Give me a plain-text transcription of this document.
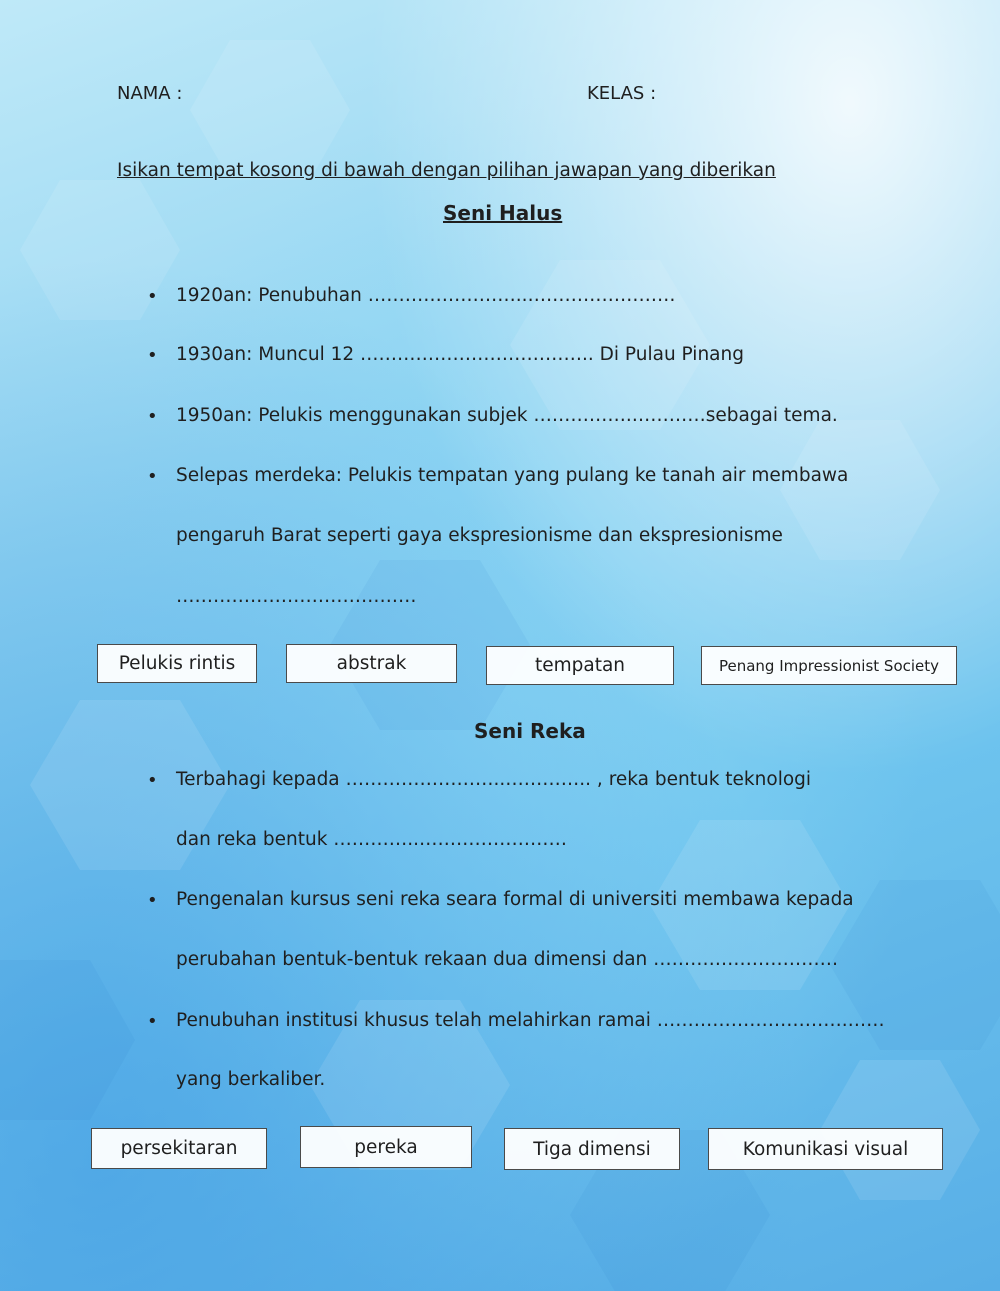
NAMA :	KELAS :
Isikan tempat kosong di bawah dengan pilihan jawapan yang diberikan
Seni Halus
• 1920an: Penubuhan ……………………..……………………
• 1930an: Muncul 12 ……………………………….. Di Pulau Pinang
• 1950an: Pelukis menggunakan subjek …………….…………sebagai tema.
• Selepas merdeka: Pelukis tempatan yang pulang ke tanah air membawa
pengaruh Barat seperti gaya ekspresionisme dan ekspresionisme
…………………………………
Pelukis rintis	abstrak	tempatan	Penang Impressionist Society
Seni Reka
• Terbahagi kepada ……………………..………….. , reka bentuk teknologi
dan reka bentuk …………..……………………
• Pengenalan kursus seni reka seara formal di universiti membawa kepada
perubahan bentuk-bentuk rekaan dua dimensi dan …………………………
• Penubuhan institusi khusus telah melahirkan ramai ………………………….……
yang berkaliber.
persekitaran	pereka	Tiga dimensi	Komunikasi visual
